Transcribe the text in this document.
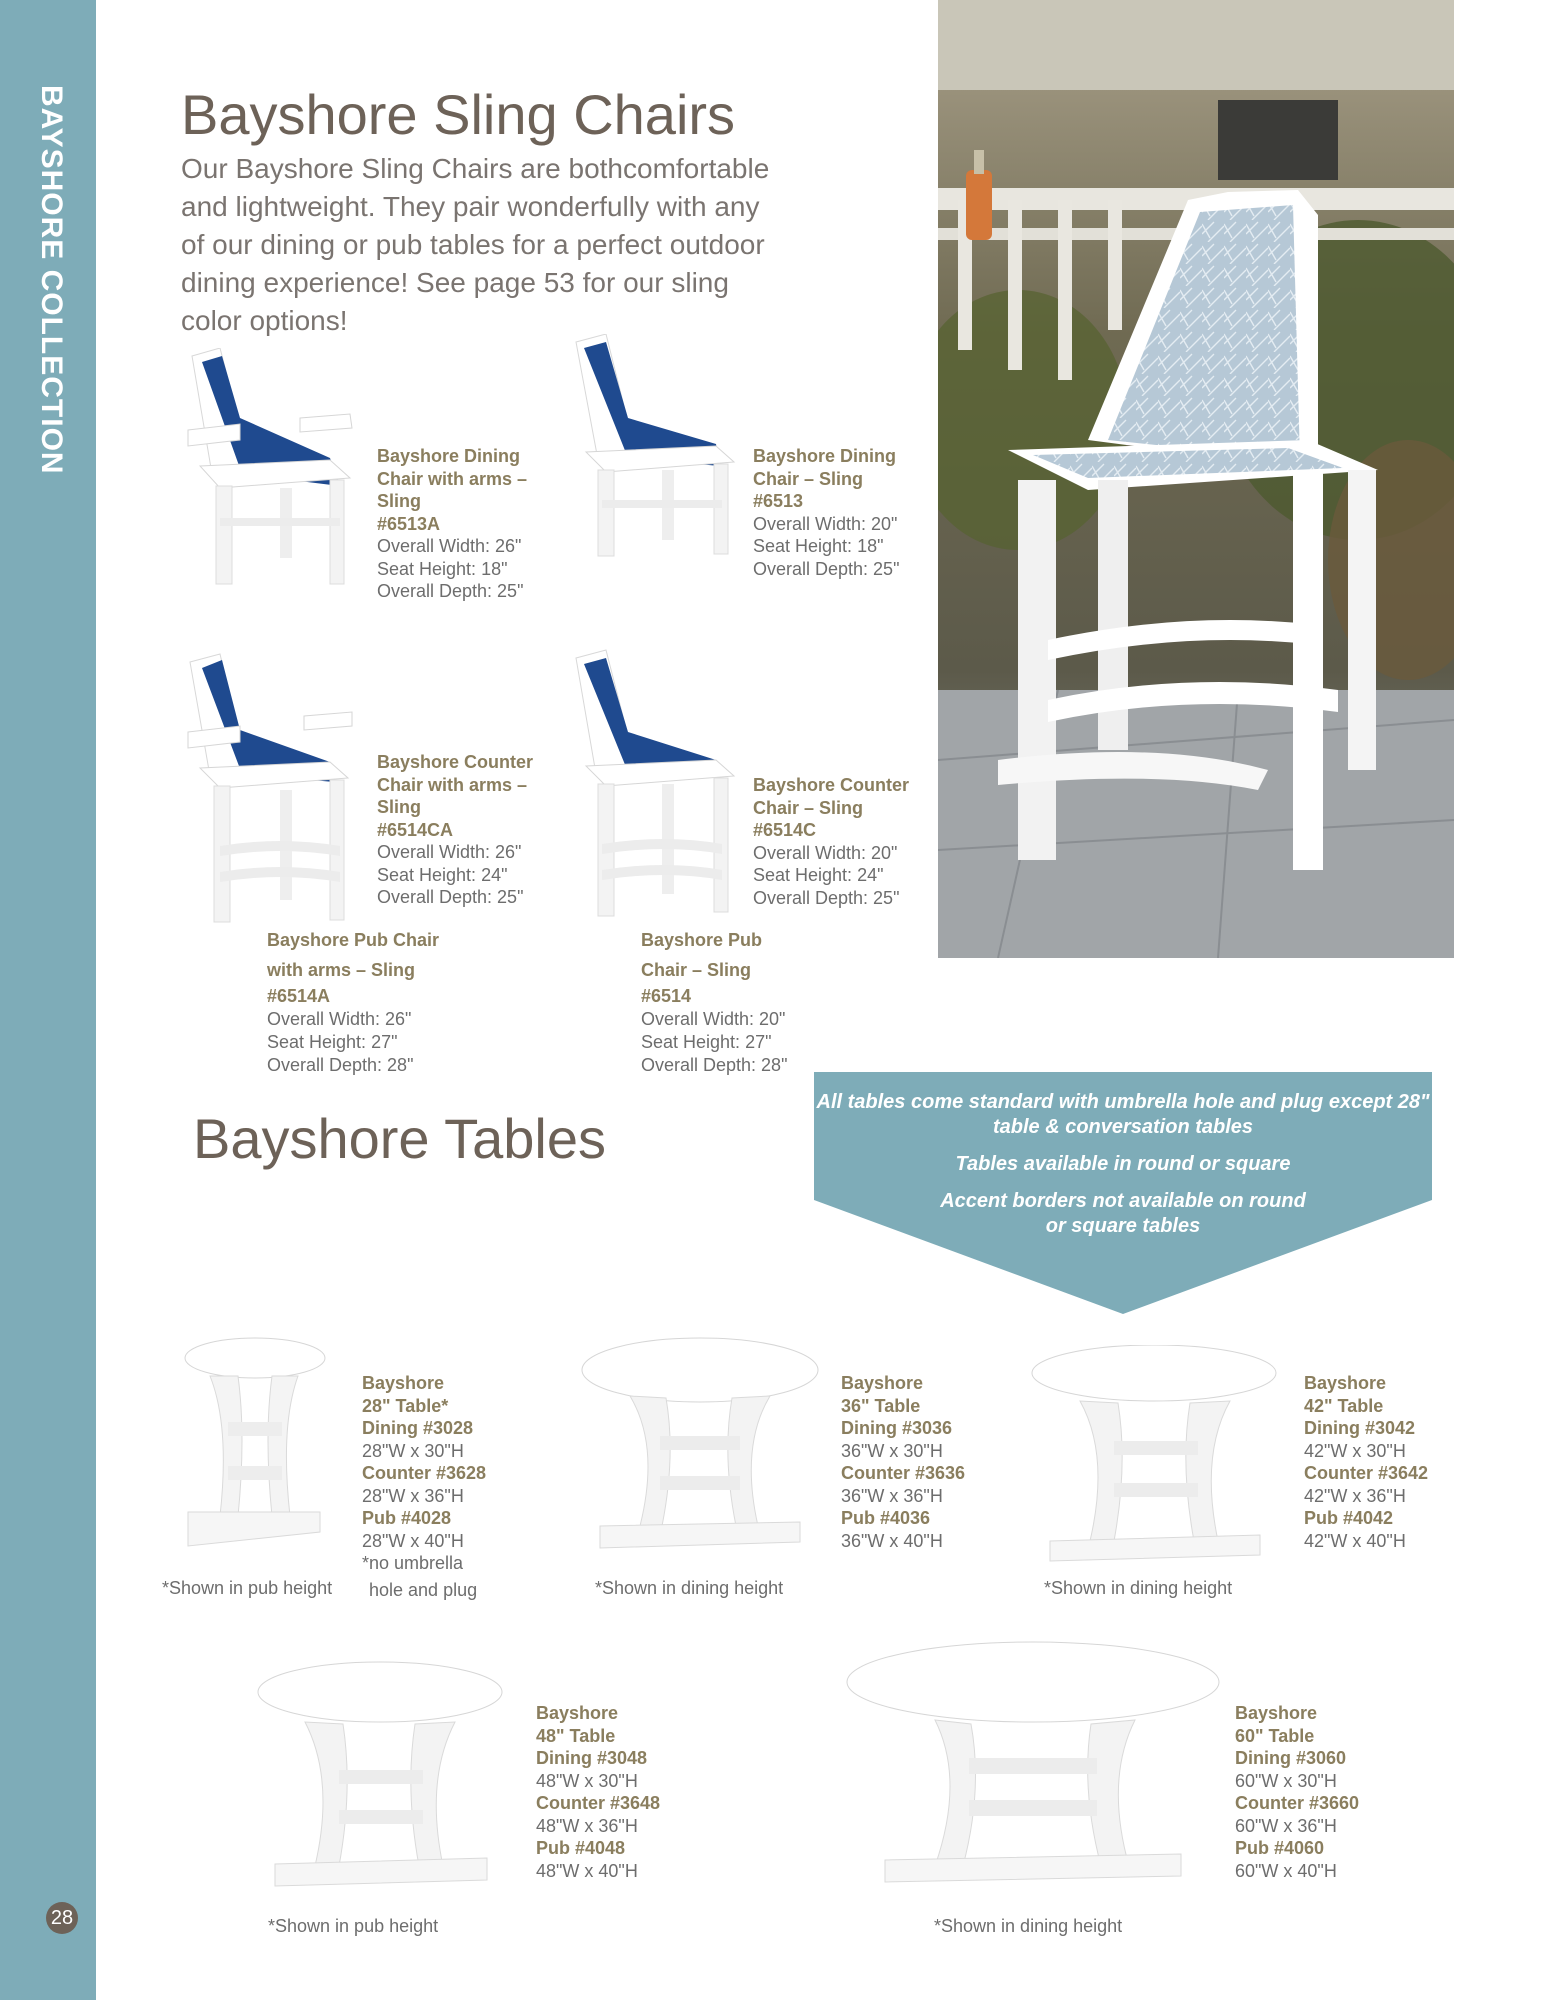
BAYSHORE COLLECTION
28
Bayshore Sling Chairs
Our Bayshore Sling Chairs are bothcomfortable and lightweight. They pair wonderfully with any of our dining or pub tables for a perfect outdoor dining experience! See page 53 for our sling color options!
Bayshore Dining Chair with arms – Sling
#6513A
Overall Width: 26"
Seat Height: 18"
Overall Depth: 25"
Bayshore Dining Chair – Sling
#6513
Overall Width: 20"
Seat Height: 18"
Overall Depth: 25"
Bayshore Counter Chair with arms – Sling
#6514CA
Overall Width: 26"
Seat Height: 24"
Overall Depth: 25"
Bayshore Counter Chair – Sling
#6514C
Overall Width: 20"
Seat Height: 24"
Overall Depth: 25"
Bayshore Pub Chair with arms – Sling
#6514A
Overall Width: 26"
Seat Height: 27"
Overall Depth: 28"
Bayshore Pub Chair – Sling
#6514
Overall Width: 20"
Seat Height: 27"
Overall Depth: 28"
Bayshore Tables
All tables come standard with umbrella hole and plug except 28" table & conversation tables
Tables available in round or square
Accent borders not available on round or square tables
Bayshore
28" Table*
Dining #3028
28"W x 30"H
Counter #3628
28"W x 36"H
Pub #4028
28"W x 40"H
*no umbrella
Bayshore
36" Table
Dining #3036
36"W x 30"H
Counter #3636
36"W x 36"H
Pub #4036
36"W x 40"H
Bayshore
42" Table
Dining #3042
42"W x 30"H
Counter #3642
42"W x 36"H
Pub #4042
42"W x 40"H
Bayshore
48" Table
Dining #3048
48"W x 30"H
Counter #3648
48"W x 36"H
Pub #4048
48"W x 40"H
Bayshore
60" Table
Dining #3060
60"W x 30"H
Counter #3660
60"W x 36"H
Pub #4060
60"W x 40"H
*Shown in pub height hole and plug	*Shown in dining height	*Shown in dining height
*Shown in pub height	*Shown in dining height
